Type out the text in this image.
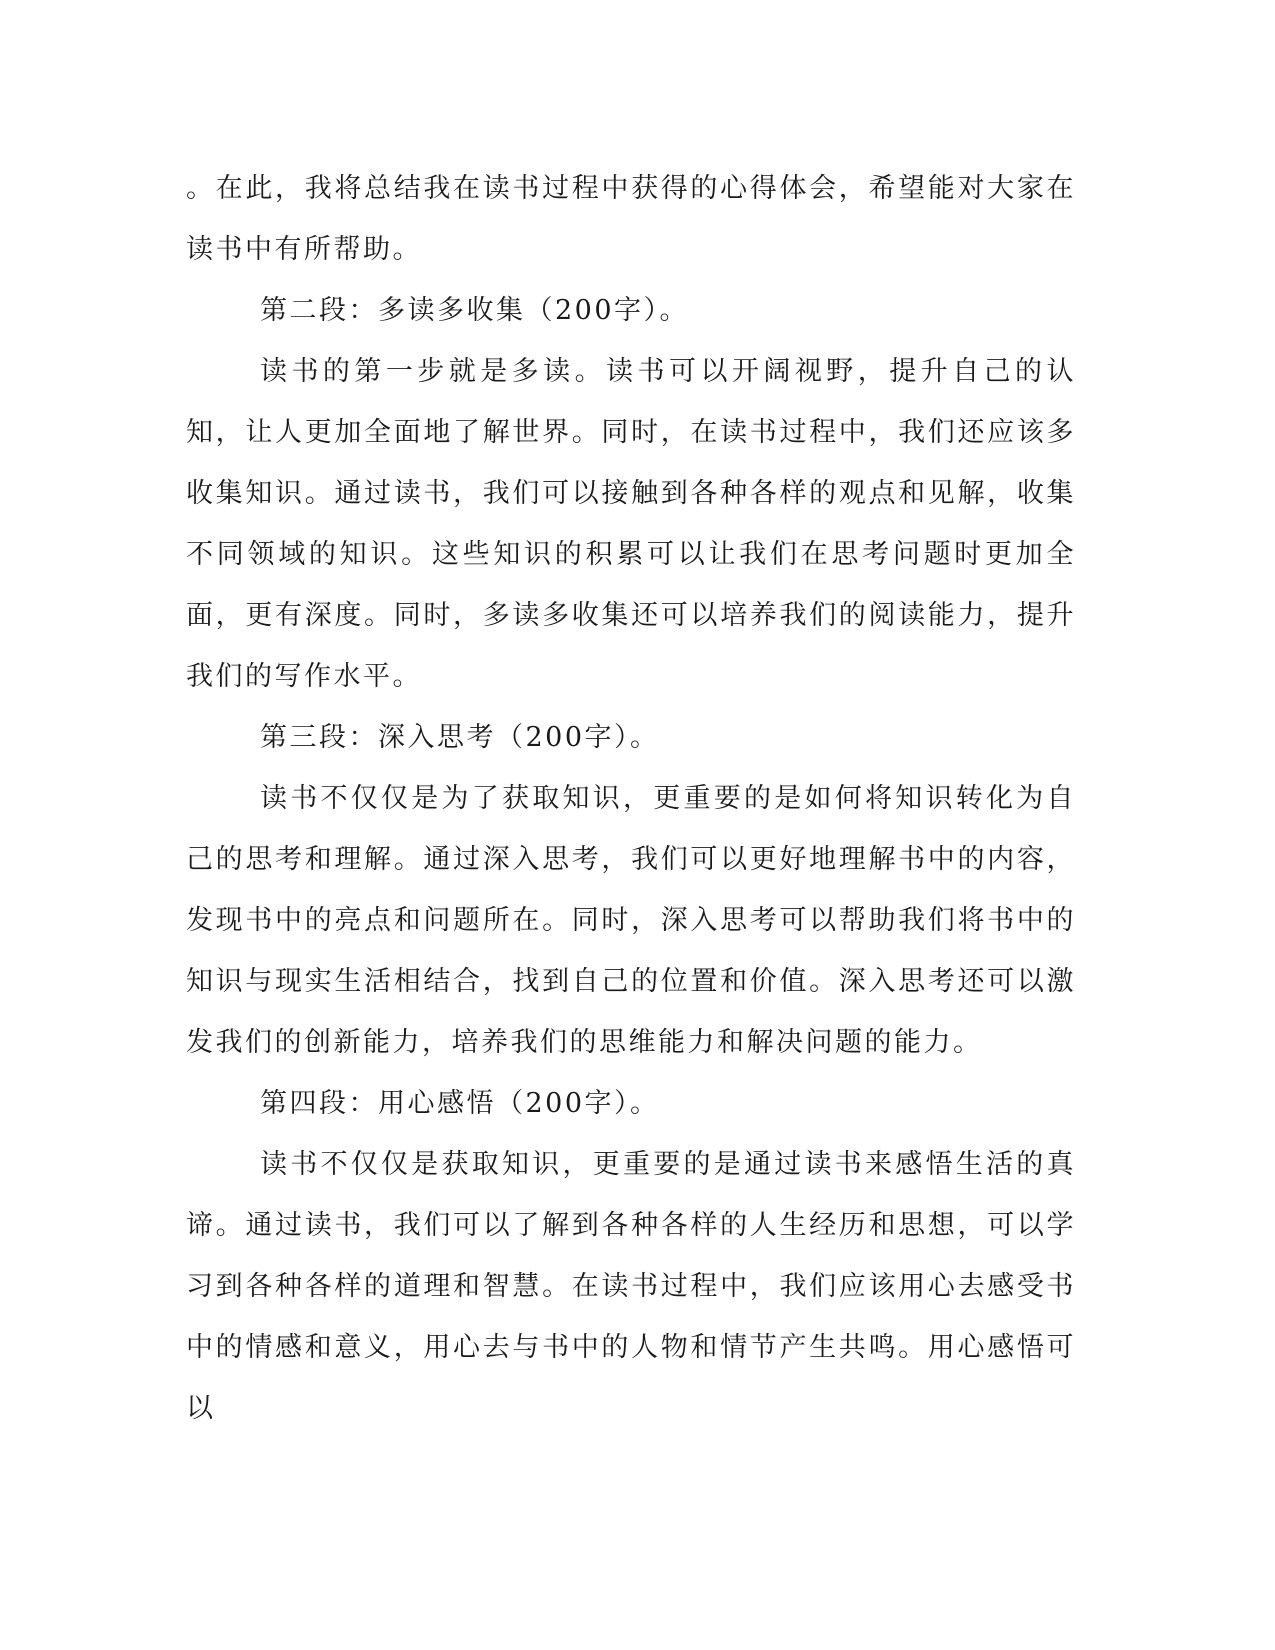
。在此，我将总结我在读书过程中获得的心得体会，希望能对大家在读书中有所帮助。

第二段：多读多收集（200字）。

读书的第一步就是多读。读书可以开阔视野，提升自己的认知，让人更加全面地了解世界。同时，在读书过程中，我们还应该多收集知识。通过读书，我们可以接触到各种各样的观点和见解，收集不同领域的知识。这些知识的积累可以让我们在思考问题时更加全面，更有深度。同时，多读多收集还可以培养我们的阅读能力，提升我们的写作水平。

第三段：深入思考（200字）。

读书不仅仅是为了获取知识，更重要的是如何将知识转化为自己的思考和理解。通过深入思考，我们可以更好地理解书中的内容，发现书中的亮点和问题所在。同时，深入思考可以帮助我们将书中的知识与现实生活相结合，找到自己的位置和价值。深入思考还可以激发我们的创新能力，培养我们的思维能力和解决问题的能力。

第四段：用心感悟（200字）。

读书不仅仅是获取知识，更重要的是通过读书来感悟生活的真谛。通过读书，我们可以了解到各种各样的人生经历和思想，可以学习到各种各样的道理和智慧。在读书过程中，我们应该用心去感受书中的情感和意义，用心去与书中的人物和情节产生共鸣。用心感悟可以
